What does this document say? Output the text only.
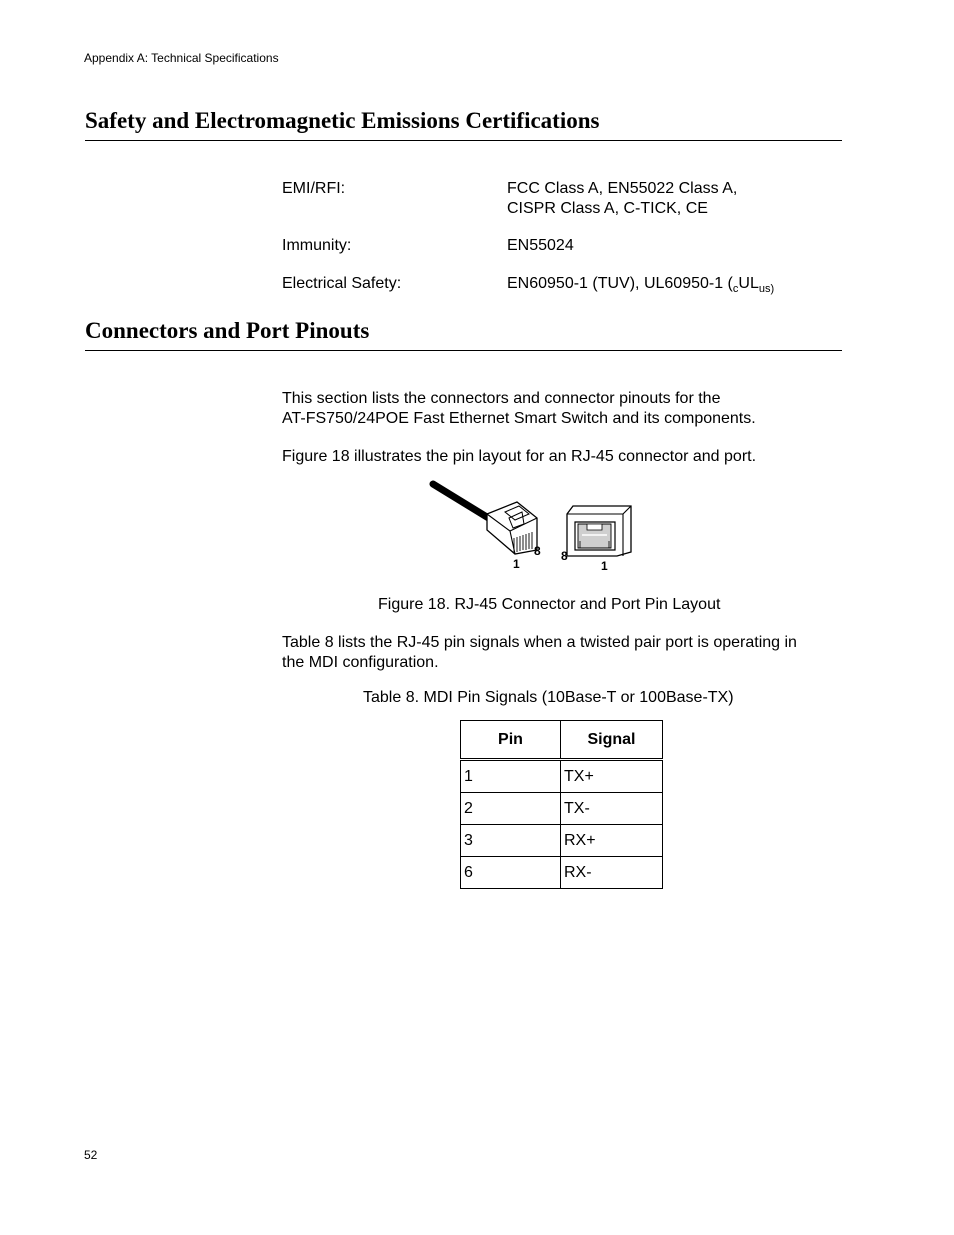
Appendix A: Technical Specifications
Safety and Electromagnetic Emissions Certifications
EMI/RFI:	FCC Class A, EN55022 Class A,
CISPR Class A, C-TICK, CE
Immunity:	EN55024
Electrical Safety:	EN60950-1 (TUV), UL60950-1 ($_cUL_{us)}$
Connectors and Port Pinouts
This section lists the connectors and connector pinouts for the
AT-FS750/24POE Fast Ethernet Smart Switch and its components.
Figure 18 illustrates the pin layout for an RJ-45 connector and port.
1
8 8
1
Figure 18. RJ-45 Connector and Port Pin Layout
Table 8 lists the RJ-45 pin signals when a twisted pair port is operating in
the MDI configuration.
Table 8. MDI Pin Signals (10Base-T or 100Base-TX)
Pin	Signal
1	TX+
2	TX-
3	RX+
6	RX-
52
